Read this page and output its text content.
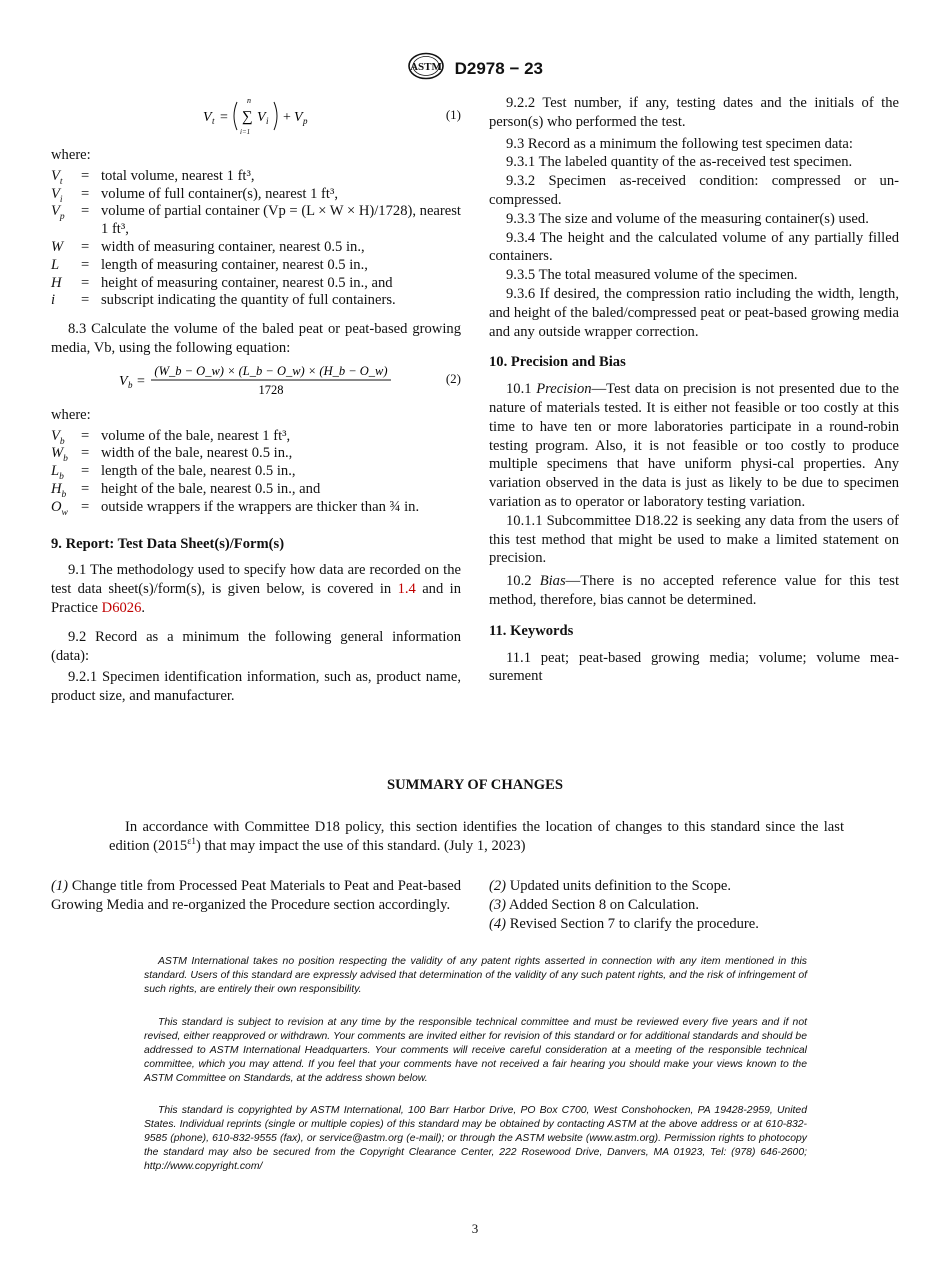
ASTM D2978 − 23
V t =
n
∑
i=1
V i + V p	(1)

where:

$V_t$	=	total volume, nearest 1 ft³,
$V_i$	=	volume of full container(s), nearest 1 ft³,
$V_p$	=	volume of partial container (Vp = (L × W × H)/1728), nearest 1 ft³,
W	=	width of measuring container, nearest 0.5 in.,
L	=	length of measuring container, nearest 0.5 in.,
H	=	height of measuring container, nearest 0.5 in., and
i	=	subscript indicating the quantity of full containers.

8.3 Calculate the volume of the baled peat or peat-based growing media, Vb, using the following equation:

V b =
(W_b − O_w) × (L_b − O_w) × (H_b − O_w)
1728
(2)

where:

$V_b$	=	volume of the bale, nearest 1 ft³,
$W_b$	=	width of the bale, nearest 0.5 in.,
$L_b$	=	length of the bale, nearest 0.5 in.,
$H_b$	=	height of the bale, nearest 0.5 in., and
$O_w$	=	outside wrappers if the wrappers are thicker than ¾ in.

9. Report: Test Data Sheet(s)/Form(s)

9.1 The methodology used to specify how data are recorded on the test data sheet(s)/form(s), is given below, is covered in 1.4 and in Practice D6026.

9.2 Record as a minimum the following general information (data):

9.2.1 Specimen identification information, such as, product name, product size, and manufacturer.

9.2.2 Test number, if any, testing dates and the initials of the person(s) who performed the test.

9.3 Record as a minimum the following test specimen data:

9.3.1 The labeled quantity of the as-received test specimen.

9.3.2 Specimen as-received condition: compressed or un-compressed.

9.3.3 The size and volume of the measuring container(s) used.

9.3.4 The height and the calculated volume of any partially filled containers.

9.3.5 The total measured volume of the specimen.

9.3.6 If desired, the compression ratio including the width, length, and height of the baled/compressed peat or peat-based growing media and any outside wrapper correction.

10. Precision and Bias

10.1 Precision—Test data on precision is not presented due to the nature of materials tested. It is either not feasible or too costly at this time to have ten or more laboratories participate in a round-robin testing program. Also, it is not feasible or too costly to produce multiple specimens that have uniform physi-cal properties. Any variation observed in the data is just as likely to be due to specimen variation as to operator or laboratory testing variation.

10.1.1 Subcommittee D18.22 is seeking any data from the users of this test method that might be used to make a limited statement on precision.

10.2 Bias—There is no accepted reference value for this test method, therefore, bias cannot be determined.

11. Keywords

11.1 peat; peat-based growing media; volume; volume mea-surement

SUMMARY OF CHANGES

In accordance with Committee D18 policy, this section identifies the location of changes to this standard since the last edition $(2015^{\varepsilon 1})$ that may impact the use of this standard. (July 1, 2023)

(1) Change title from Processed Peat Materials to Peat and Peat-based Growing Media and re-organized the Procedure section accordingly.

(2) Updated units definition to the Scope.

(3) Added Section 8 on Calculation.

(4) Revised Section 7 to clarify the procedure.

ASTM International takes no position respecting the validity of any patent rights asserted in connection with any item mentioned in this standard. Users of this standard are expressly advised that determination of the validity of any such patent rights, and the risk of infringement of such rights, are entirely their own responsibility.

This standard is subject to revision at any time by the responsible technical committee and must be reviewed every five years and if not revised, either reapproved or withdrawn. Your comments are invited either for revision of this standard or for additional standards and should be addressed to ASTM International Headquarters. Your comments will receive careful consideration at a meeting of the responsible technical committee, which you may attend. If you feel that your comments have not received a fair hearing you should make your views known to the ASTM Committee on Standards, at the address shown below.

This standard is copyrighted by ASTM International, 100 Barr Harbor Drive, PO Box C700, West Conshohocken, PA 19428-2959, United States. Individual reprints (single or multiple copies) of this standard may be obtained by contacting ASTM at the above address or at 610-832-9585 (phone), 610-832-9555 (fax), or service@astm.org (e-mail); or through the ASTM website (www.astm.org). Permission rights to photocopy the standard may also be secured from the Copyright Clearance Center, 222 Rosewood Drive, Danvers, MA 01923, Tel: (978) 646-2600; http://www.copyright.com/

3
